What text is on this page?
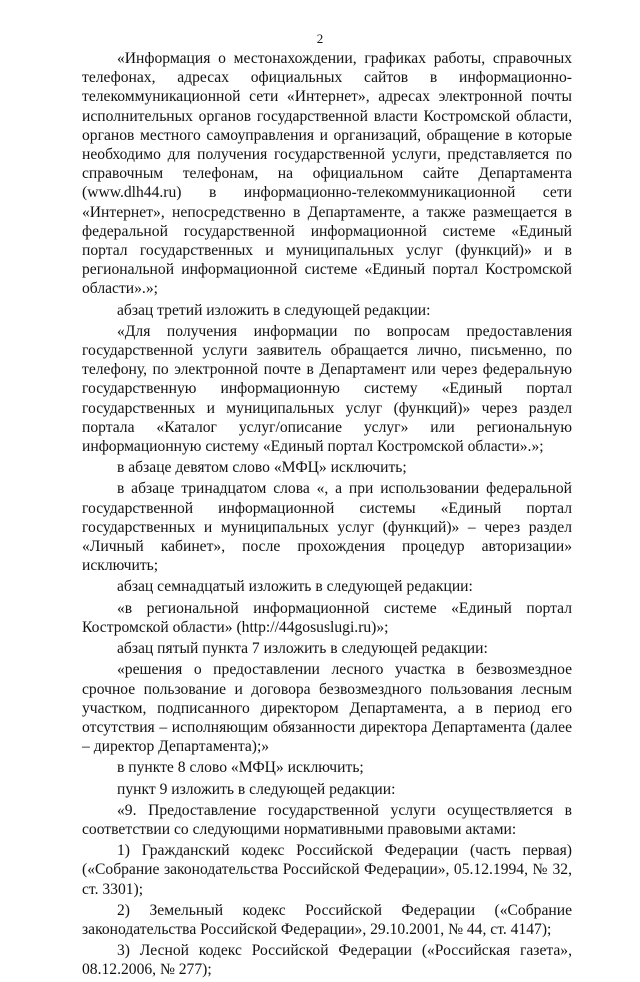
2

«Информация о местонахождении, графиках работы, справочных телефонах, адресах официальных сайтов в информационно-телекоммуникационной сети «Интернет», адресах электронной почты исполнительных органов государственной власти Костромской области, органов местного самоуправления и организаций, обращение в которые необходимо для получения государственной услуги, представляется по справочным телефонам, на официальном сайте Департамента (www.dlh44.ru) в информационно-телекоммуникационной сети «Интернет», непосредственно в Департаменте, а также размещается в федеральной государственной информационной системе «Единый портал государственных и муниципальных услуг (функций)» и в региональной информационной системе «Единый портал Костромской области».»;

абзац третий изложить в следующей редакции:

«Для получения информации по вопросам предоставления государственной услуги заявитель обращается лично, письменно, по телефону, по электронной почте в Департамент или через федеральную государственную информационную систему «Единый портал государственных и муниципальных услуг (функций)» через раздел портала «Каталог услуг/описание услуг» или региональную информационную систему «Единый портал Костромской области».»;

в абзаце девятом слово «МФЦ» исключить;

в абзаце тринадцатом слова «, а при использовании федеральной государственной информационной системы «Единый портал государственных и муниципальных услуг (функций)» – через раздел «Личный кабинет», после прохождения процедур авторизации» исключить;

абзац семнадцатый изложить в следующей редакции:

«в региональной информационной системе «Единый портал Костромской области» (http://44gosuslugi.ru)»;

абзац пятый пункта 7 изложить в следующей редакции:

«решения о предоставлении лесного участка в безвозмездное срочное пользование и договора безвозмездного пользования лесным участком, подписанного директором Департамента, а в период его отсутствия – исполняющим обязанности директора Департамента (далее – директор Департамента);»

в пункте 8 слово «МФЦ» исключить;

пункт 9 изложить в следующей редакции:

«9. Предоставление государственной услуги осуществляется в соответствии со следующими нормативными правовыми актами:

1) Гражданский кодекс Российской Федерации (часть первая) («Собрание законодательства Российской Федерации», 05.12.1994, № 32, ст. 3301);

2) Земельный кодекс Российской Федерации («Собрание законодательства Российской Федерации», 29.10.2001, № 44, ст. 4147);

3) Лесной кодекс Российской Федерации («Российская газета», 08.12.2006, № 277);
